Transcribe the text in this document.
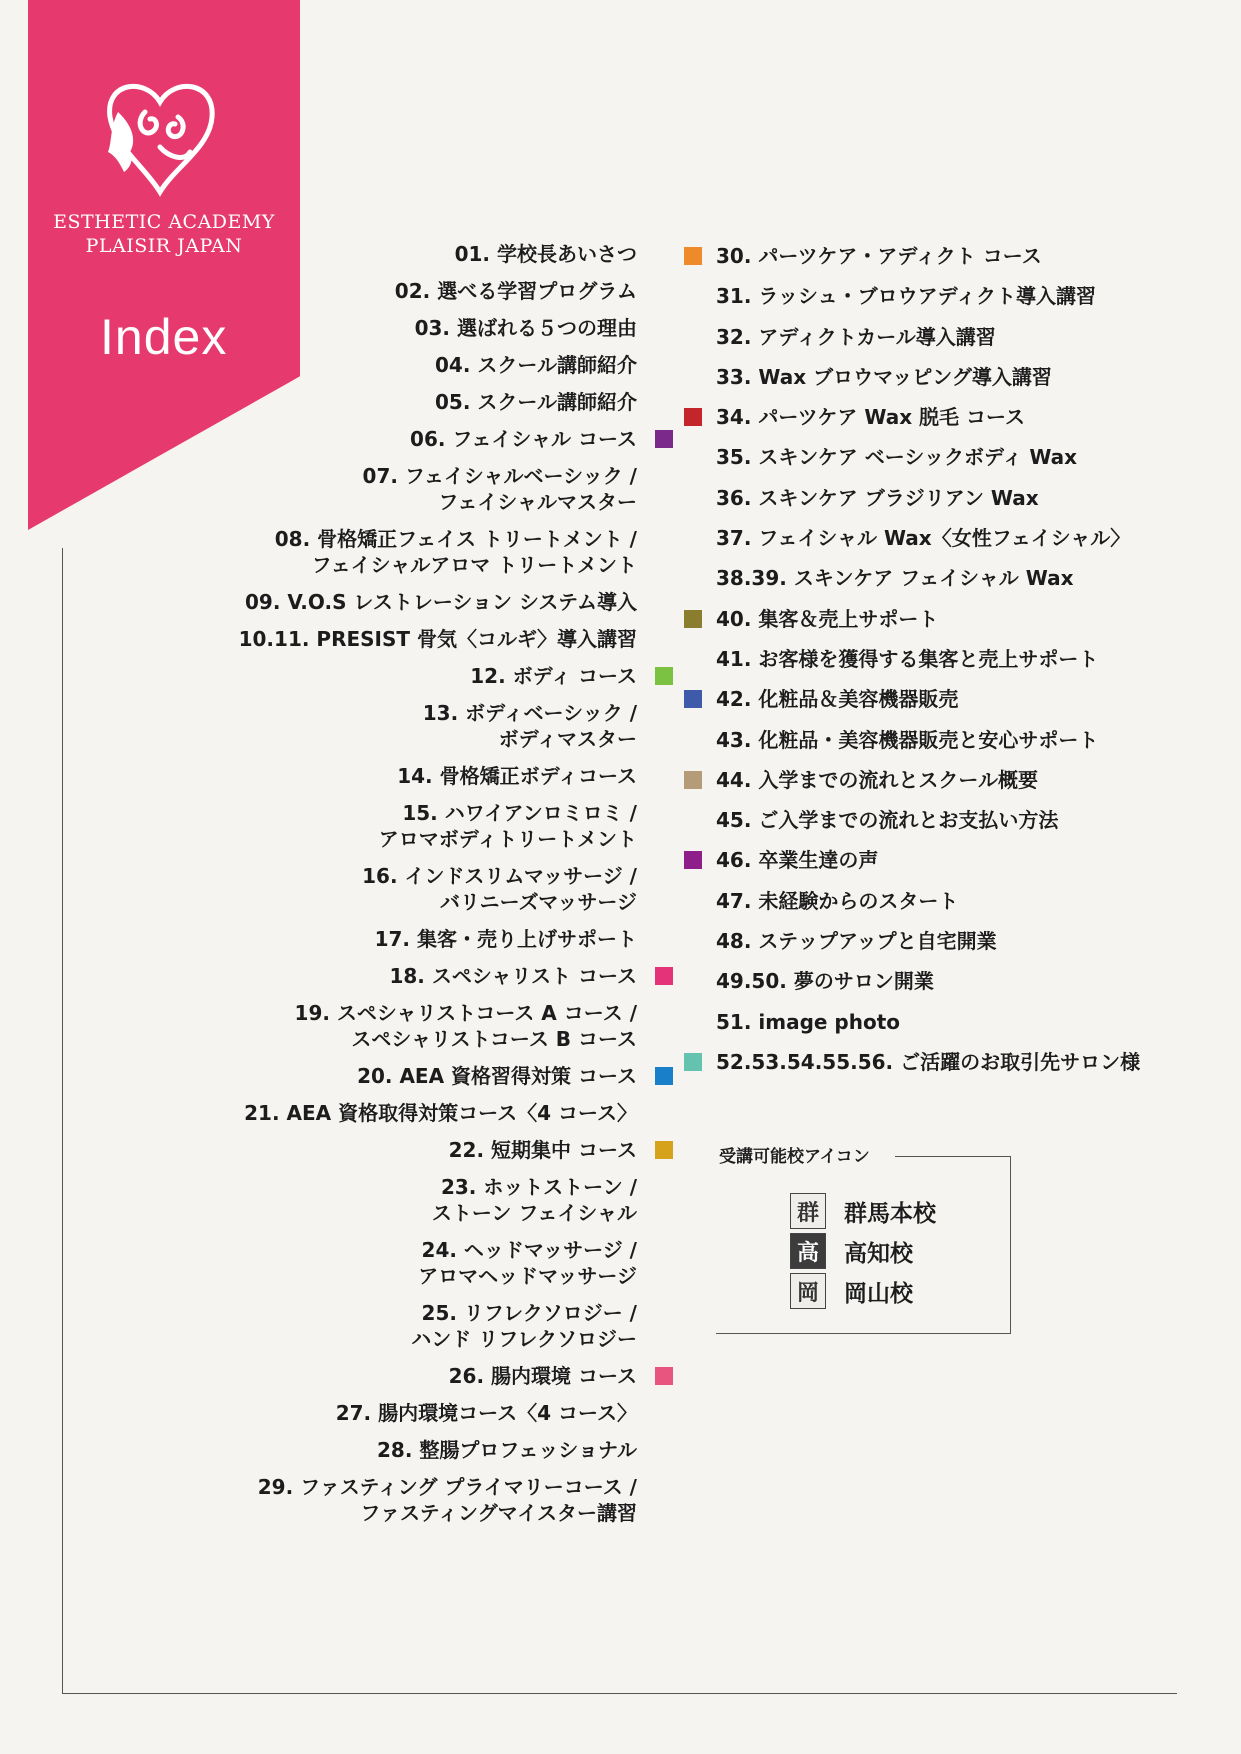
ESTHETIC ACADEMY
PLAISIR JAPAN
Index
01. 学校長あいさつ
02. 選べる学習プログラム
03. 選ばれる５つの理由
04. スクール講師紹介
05. スクール講師紹介
06. フェイシャル コース
07. フェイシャルベーシック /
フェイシャルマスター
08. 骨格矯正フェイス トリートメント /
フェイシャルアロマ トリートメント
09. V.O.S レストレーション システム導入
10.11. PRESIST 骨気〈コルギ〉導入講習
12. ボディ コース
13. ボディベーシック /
ボディマスター
14. 骨格矯正ボディコース
15. ハワイアンロミロミ /
アロマボディトリートメント
16. インドスリムマッサージ /
バリニーズマッサージ
17. 集客・売り上げサポート
18. スペシャリスト コース
19. スペシャリストコース A コース /
スペシャリストコース B コース
20. AEA 資格習得対策 コース
21. AEA 資格取得対策コース〈4 コース〉
22. 短期集中 コース
23. ホットストーン /
ストーン フェイシャル
24. ヘッドマッサージ /
アロマヘッドマッサージ
25. リフレクソロジー /
ハンド リフレクソロジー
26. 腸内環境 コース
27. 腸内環境コース〈4 コース〉
28. 整腸プロフェッショナル
29. ファスティング プライマリーコース /
ファスティングマイスター講習
30. パーツケア・アディクト コース
31. ラッシュ・ブロウアディクト導入講習
32. アディクトカール導入講習
33. Wax ブロウマッピング導入講習
34. パーツケア Wax 脱毛 コース
35. スキンケア ベーシックボディ Wax
36. スキンケア ブラジリアン Wax
37. フェイシャル Wax〈女性フェイシャル〉
38.39. スキンケア フェイシャル Wax
40. 集客＆売上サポート
41. お客様を獲得する集客と売上サポート
42. 化粧品＆美容機器販売
43. 化粧品・美容機器販売と安心サポート
44. 入学までの流れとスクール概要
45. ご入学までの流れとお支払い方法
46. 卒業生達の声
47. 未経験からのスタート
48. ステップアップと自宅開業
49.50. 夢のサロン開業
51. image photo
52.53.54.55.56. ご活躍のお取引先サロン様
受講可能校アイコン
群	群馬本校
高	高知校
岡	岡山校
